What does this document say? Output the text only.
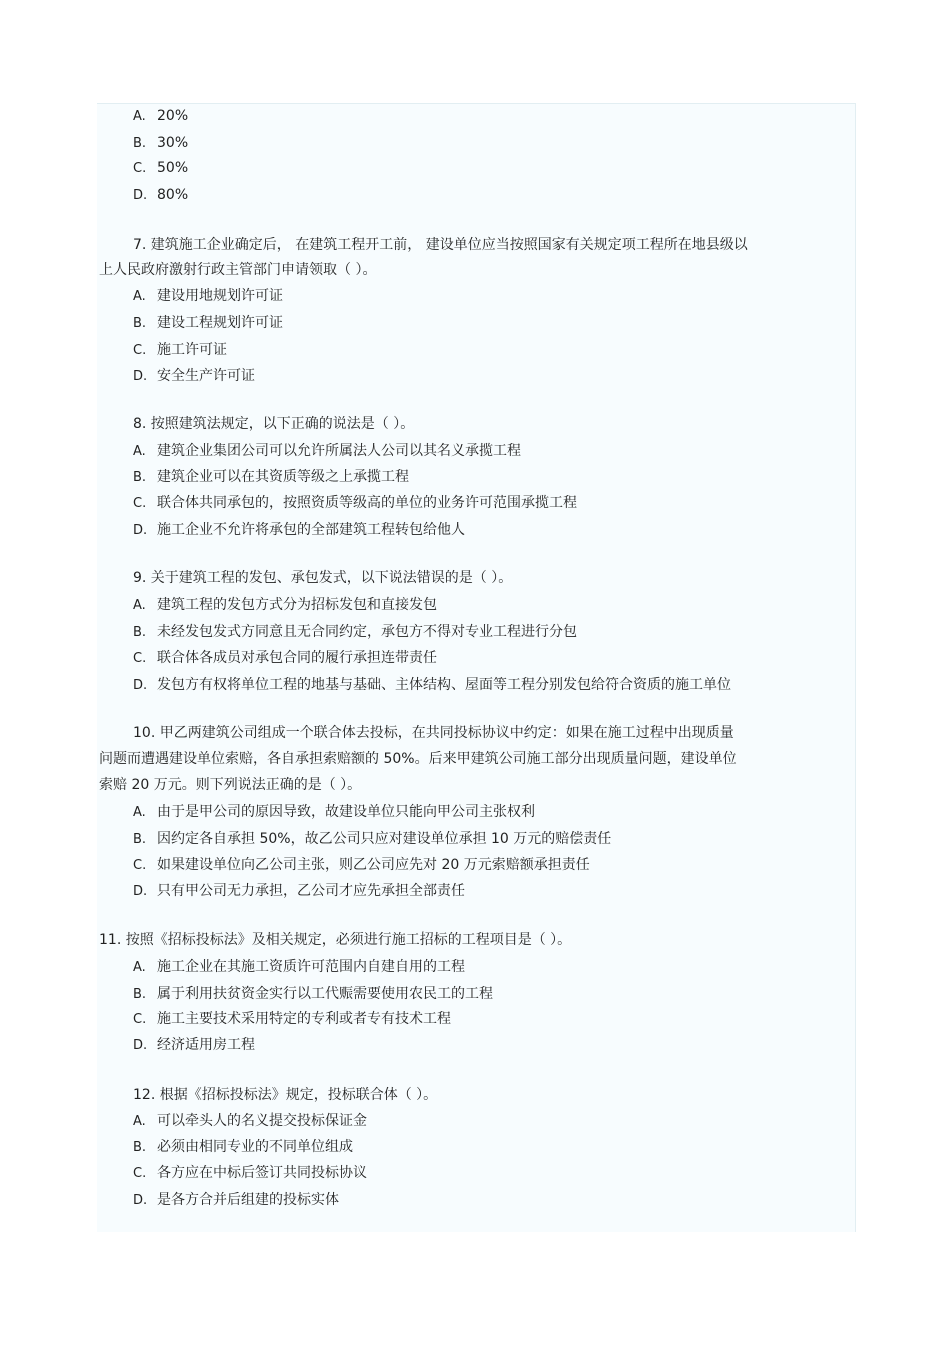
A. 20%
B. 30%
C. 50%
D. 80%
7. 建筑施工企业确定后， 在建筑工程开工前， 建设单位应当按照国家有关规定项工程所在地县级以
上人民政府激射行政主管部门申请领取（ ）。
A. 建设用地规划许可证
B. 建设工程规划许可证
C. 施工许可证
D. 安全生产许可证
8. 按照建筑法规定，以下正确的说法是（ ）。
A. 建筑企业集团公司可以允许所属法人公司以其名义承揽工程
B. 建筑企业可以在其资质等级之上承揽工程
C. 联合体共同承包的，按照资质等级高的单位的业务许可范围承揽工程
D. 施工企业不允许将承包的全部建筑工程转包给他人
9. 关于建筑工程的发包、承包发式，以下说法错误的是（ ）。
A. 建筑工程的发包方式分为招标发包和直接发包
B. 未经发包发式方同意且无合同约定，承包方不得对专业工程进行分包
C. 联合体各成员对承包合同的履行承担连带责任
D. 发包方有权将单位工程的地基与基础、主体结构、屋面等工程分别发包给符合资质的施工单位
10. 甲乙两建筑公司组成一个联合体去投标，在共同投标协议中约定：如果在施工过程中出现质量
问题而遭遇建设单位索赔，各自承担索赔额的 50%。后来甲建筑公司施工部分出现质量问题，建设单位
索赔 20 万元。则下列说法正确的是（ ）。
A. 由于是甲公司的原因导致，故建设单位只能向甲公司主张权利
B. 因约定各自承担 50%，故乙公司只应对建设单位承担 10 万元的赔偿责任
C. 如果建设单位向乙公司主张，则乙公司应先对 20 万元索赔额承担责任
D. 只有甲公司无力承担，乙公司才应先承担全部责任
11. 按照《招标投标法》及相关规定，必须进行施工招标的工程项目是（ ）。
A. 施工企业在其施工资质许可范围内自建自用的工程
B. 属于利用扶贫资金实行以工代赈需要使用农民工的工程
C. 施工主要技术采用特定的专利或者专有技术工程
D. 经济适用房工程
12. 根据《招标投标法》规定，投标联合体（ ）。
A. 可以牵头人的名义提交投标保证金
B. 必须由相同专业的不同单位组成
C. 各方应在中标后签订共同投标协议
D. 是各方合并后组建的投标实体
